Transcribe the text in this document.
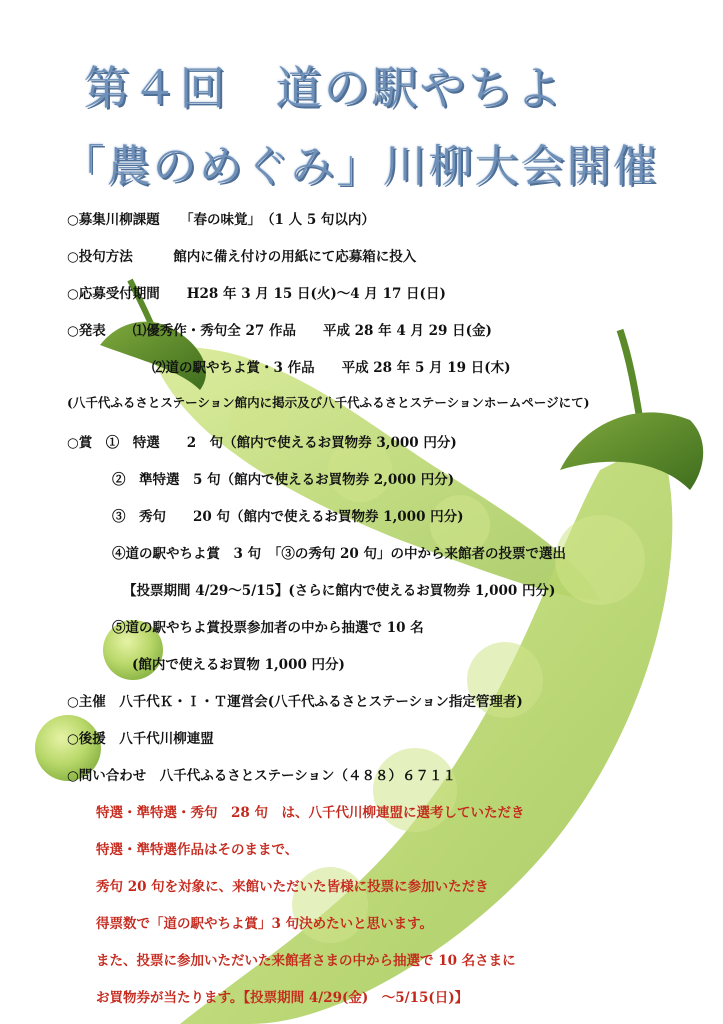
第４回　道の駅やちよ
「農のめぐみ」川柳大会開催
○募集川柳課題　　「春の味覚」　（1 人 5 句以内）
○投句方法　　　館内に備え付けの用紙にて応募箱に投入
○応募受付期間　　H28 年 3 月 15 日(火)～4 月 17 日(日)
○発表　　⑴優秀作・秀句全 27 作品　　平成 28 年 4 月 29 日(金)
⑵道の駅やちよ賞・3 作品　　平成 28 年 5 月 19 日(木)
(八千代ふるさとステーション館内に掲示及び八千代ふるさとステーションホームページにて)
○賞　①　特選　　2　句（館内で使えるお買物券 3,000 円分)
②　準特選　5 句（館内で使えるお買物券 2,000 円分)
③　秀句　　20 句（館内で使えるお買物券 1,000 円分)
④道の駅やちよ賞　3 句　「③の秀句 20 句」の中から来館者の投票で選出
【投票期間 4/29～5/15】(さらに館内で使えるお買物券 1,000 円分)
⑤道の駅やちよ賞投票参加者の中から抽選で 10 名
(館内で使えるお買物 1,000 円分)
○主催　八千代Ｋ・Ｉ・Ｔ運営会(八千代ふるさとステーション指定管理者)
○後援　八千代川柳連盟
○問い合わせ　八千代ふるさとステーション（４８８）６７１１
特選・準特選・秀句　28 句　は、八千代川柳連盟に選考していただき
特選・準特選作品はそのままで、
秀句 20 句を対象に、来館いただいた皆様に投票に参加いただき
得票数で「道の駅やちよ賞」3 句決めたいと思います。
また、投票に参加いただいた来館者さまの中から抽選で 10 名さまに
お買物券が当たります。【投票期間 4/29(金)　～5/15(日)】
